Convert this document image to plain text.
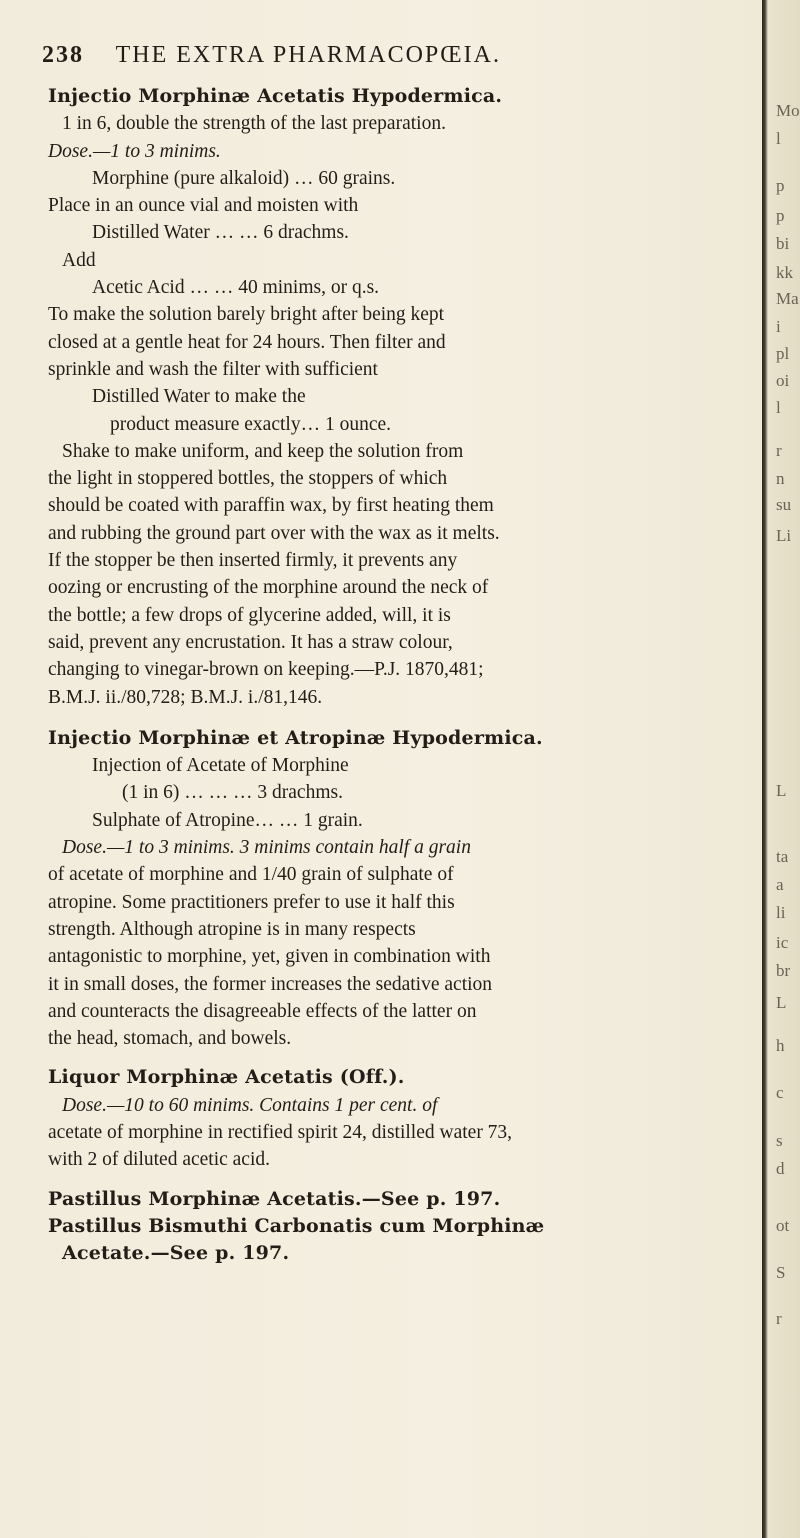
238 THE EXTRA PHARMACOPŒIA.
Injectio Morphinæ Acetatis Hypodermica.
1 in 6, double the strength of the last preparation.
Dose.—1 to 3 minims.
Morphine (pure alkaloid) … 60 grains.
Place in an ounce vial and moisten with
Distilled Water … … 6 drachms.
Add
Acetic Acid … … 40 minims, or q.s.
To make the solution barely bright after being kept
closed at a gentle heat for 24 hours. Then filter and
sprinkle and wash the filter with sufficient
Distilled Water to make the
product measure exactly… 1 ounce.
Shake to make uniform, and keep the solution from
the light in stoppered bottles, the stoppers of which
should be coated with paraffin wax, by first heating them
and rubbing the ground part over with the wax as it melts.
If the stopper be then inserted firmly, it prevents any
oozing or encrusting of the morphine around the neck of
the bottle; a few drops of glycerine added, will, it is
said, prevent any encrustation. It has a straw colour,
changing to vinegar-brown on keeping.—P.J. 1870,481;
B.M.J. ii./80,728; B.M.J. i./81,146.
Injectio Morphinæ et Atropinæ Hypodermica.
Injection of Acetate of Morphine
(1 in 6) … … … 3 drachms.
Sulphate of Atropine… … 1 grain.
Dose.—1 to 3 minims. 3 minims contain half a grain
of acetate of morphine and 1/40 grain of sulphate of
atropine. Some practitioners prefer to use it half this
strength. Although atropine is in many respects
antagonistic to morphine, yet, given in combination with
it in small doses, the former increases the sedative action
and counteracts the disagreeable effects of the latter on
the head, stomach, and bowels.
Liquor Morphinæ Acetatis (Off.).
Dose.—10 to 60 minims. Contains 1 per cent. of
acetate of morphine in rectified spirit 24, distilled water 73,
with 2 of diluted acetic acid.
Pastillus Morphinæ Acetatis.—See p. 197.
Pastillus Bismuthi Carbonatis cum Morphinæ
Acetate.—See p. 197.
Mo
l
p
p
bi
kk
Ma
i
pl
oi
l
r
n
su
Li
L
ta
a
li
ic
br
L
h
c
s
d
ot
S
r
